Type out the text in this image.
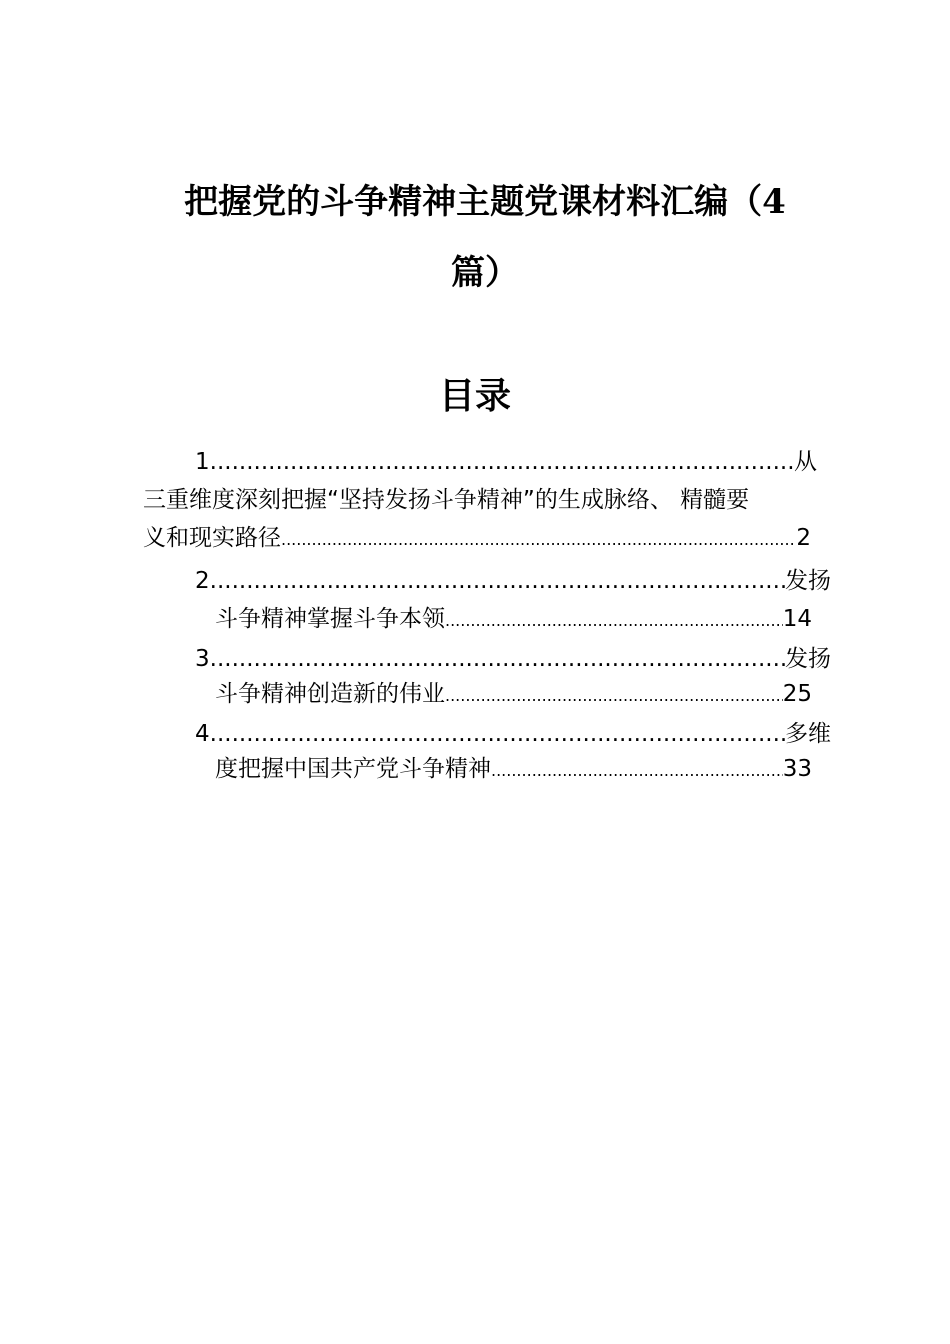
把握党的斗争精神主题党课材料汇编（4
篇）
目录
1 .....	从
三重维度深刻把握“坚持发扬斗争精神”的生成脉络、 精髓要
义和现实路径 .....	2
2 .....	发扬
斗争精神掌握斗争本领 .....	14
3 .....	发扬
斗争精神创造新的伟业 .....	25
4 .....	多维
度把握中国共产党斗争精神 .....	33
